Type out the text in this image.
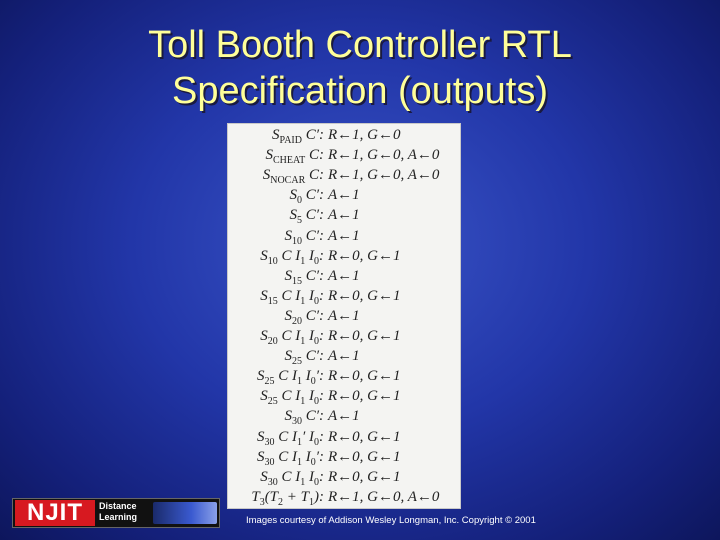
Toll Booth Controller RTL
Specification (outputs)
$S_{PAID}$ C′: R←1, G←0
$S_{CHEAT}$ C: R←1, G←0, A←0
$S_{NOCAR}$ C: R←1, G←0, A←0
$S_0$ C′: A←1
$S_5$ C′: A←1
$S_{10}$ C′: A←1
$S_{10}$ C $I_1$ $I_0$: R←0, G←1
$S_{15}$ C′: A←1
$S_{15}$ C $I_1$ $I_0$: R←0, G←1
$S_{20}$ C′: A←1
$S_{20}$ C $I_1$ $I_0$: R←0, G←1
$S_{25}$ C′: A←1
$S_{25}$ C $I_1$ $I_0'$: R←0, G←1
$S_{25}$ C $I_1$ $I_0$: R←0, G←1
$S_{30}$ C′: A←1
$S_{30}$ C $I_1'$ $I_0$: R←0, G←1
$S_{30}$ C $I_1$ $I_0'$: R←0, G←1
$S_{30}$ C $I_1$ $I_0$: R←0, G←1
$T_3(T_2 + T_1)$: R←1, G←0, A←0
NJIT	Distance
Learning	Images courtesy of Addison Wesley Longman, Inc. Copyright © 2001
